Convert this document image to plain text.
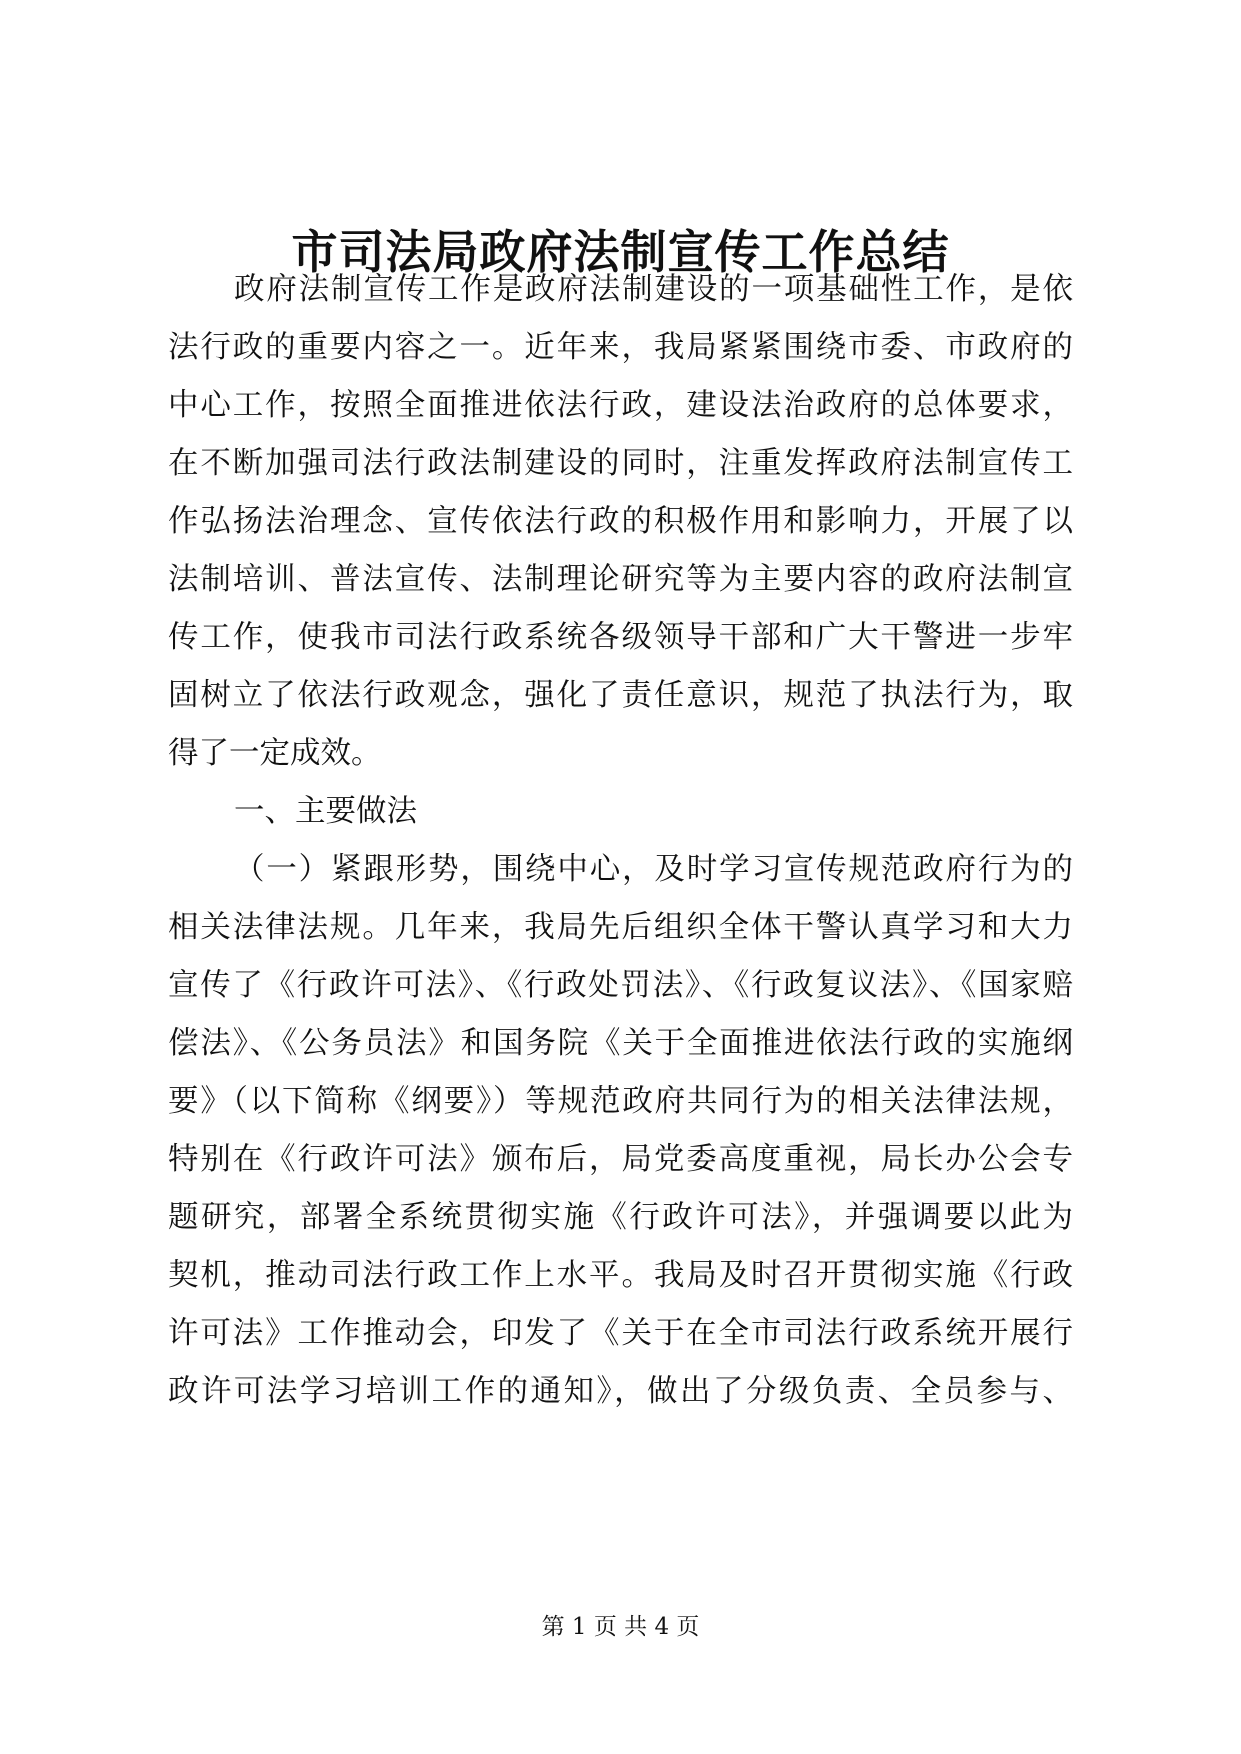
市司法局政府法制宣传工作总结

政府法制宣传工作是政府法制建设的一项基础性工作，是依

法行政的重要内容之一。近年来，我局紧紧围绕市委、市政府的

中心工作，按照全面推进依法行政，建设法治政府的总体要求，

在不断加强司法行政法制建设的同时，注重发挥政府法制宣传工

作弘扬法治理念、宣传依法行政的积极作用和影响力，开展了以

法制培训、普法宣传、法制理论研究等为主要内容的政府法制宣

传工作，使我市司法行政系统各级领导干部和广大干警进一步牢

固树立了依法行政观念，强化了责任意识，规范了执法行为，取

得了一定成效。

一、主要做法

（一）紧跟形势，围绕中心，及时学习宣传规范政府行为的

相关法律法规。几年来，我局先后组织全体干警认真学习和大力

宣传了《行政许可法》、《行政处罚法》、《行政复议法》、《国家赔

偿法》、《公务员法》和国务院《关于全面推进依法行政的实施纲

要》（以下简称《纲要》）等规范政府共同行为的相关法律法规，

特别在《行政许可法》颁布后，局党委高度重视，局长办公会专

题研究，部署全系统贯彻实施《行政许可法》，并强调要以此为

契机，推动司法行政工作上水平。我局及时召开贯彻实施《行政

许可法》工作推动会，印发了《关于在全市司法行政系统开展行

政许可法学习培训工作的通知》，做出了分级负责、全员参与、

第 1 页 共 4 页
